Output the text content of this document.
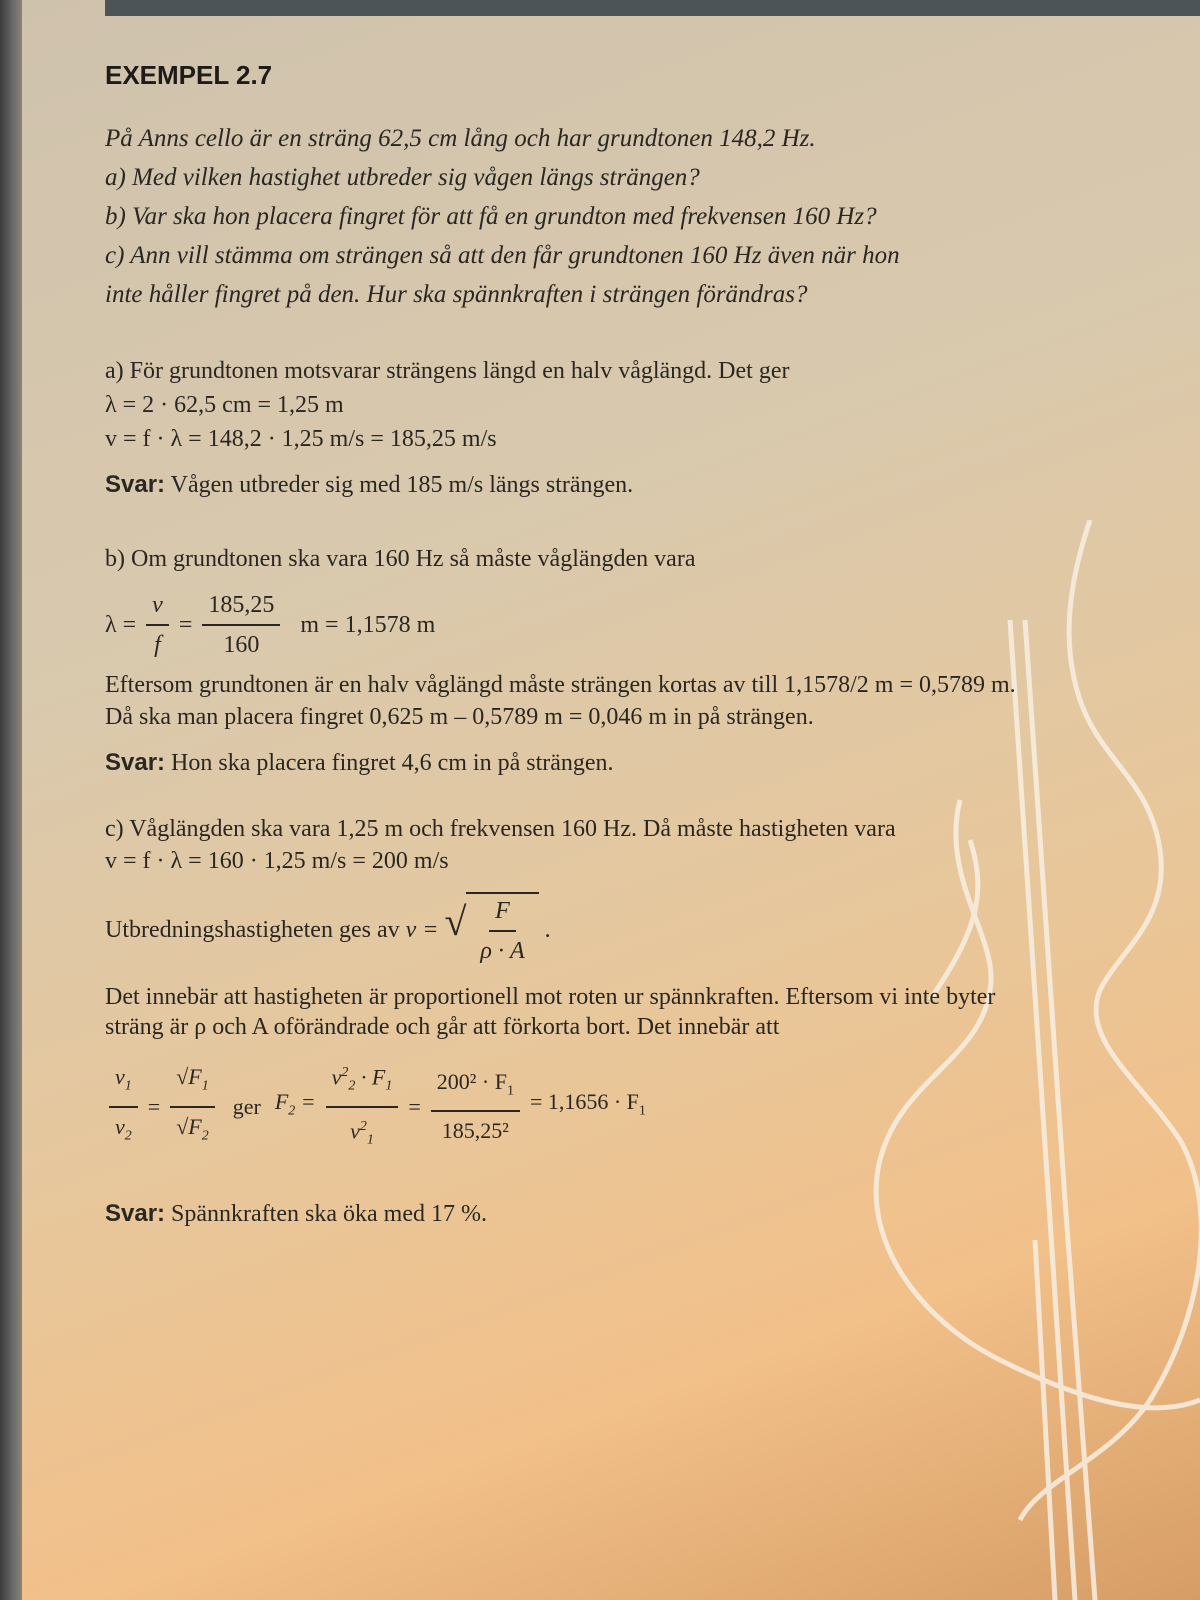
EXEMPEL 2.7
På Anns cello är en sträng 62,5 cm lång och har grundtonen 148,2 Hz.
a) Med vilken hastighet utbreder sig vågen längs strängen?
b) Var ska hon placera fingret för att få en grundton med frekvensen 160 Hz?
c) Ann vill stämma om strängen så att den får grundtonen 160 Hz även när hon
inte håller fingret på den. Hur ska spännkraften i strängen förändras?
a) För grundtonen motsvarar strängens längd en halv våglängd. Det ger
λ = 2 · 62,5 cm = 1,25 m
v = f · λ = 148,2 · 1,25 m/s = 185,25 m/s
Svar: Vågen utbreder sig med 185 m/s längs strängen.
b) Om grundtonen ska vara 160 Hz så måste våglängden vara
$\lambda = \frac{v}{f} = \frac{185,25}{160}$ m = 1,1578 m
Eftersom grundtonen är en halv våglängd måste strängen kortas av till 1,1578/2 m = 0,5789 m.
Då ska man placera fingret 0,625 m – 0,5789 m = 0,046 m in på strängen.
Svar: Hon ska placera fingret 4,6 cm in på strängen.
c) Våglängden ska vara 1,25 m och frekvensen 160 Hz. Då måste hastigheten vara
v = f · λ = 160 · 1,25 m/s = 200 m/s
Utbredningshastigheten ges av v = √ $\frac{F}{\rho \cdot A}$ .
Det innebär att hastigheten är proportionell mot roten ur spännkraften. Eftersom vi inte byter sträng är ρ och A oförändrade och går att förkorta bort. Det innebär att
$\frac{v_1}{v_2} = \frac{√F_1}{√F_2}$ ger $F_2 = \frac{v^2_2 \cdot F_1}{v^2_1} = \frac{200^2 \cdot F_1}{\text{185,25²}} = 1,1656 \cdot F_1$
Svar: Spännkraften ska öka med 17 %.
